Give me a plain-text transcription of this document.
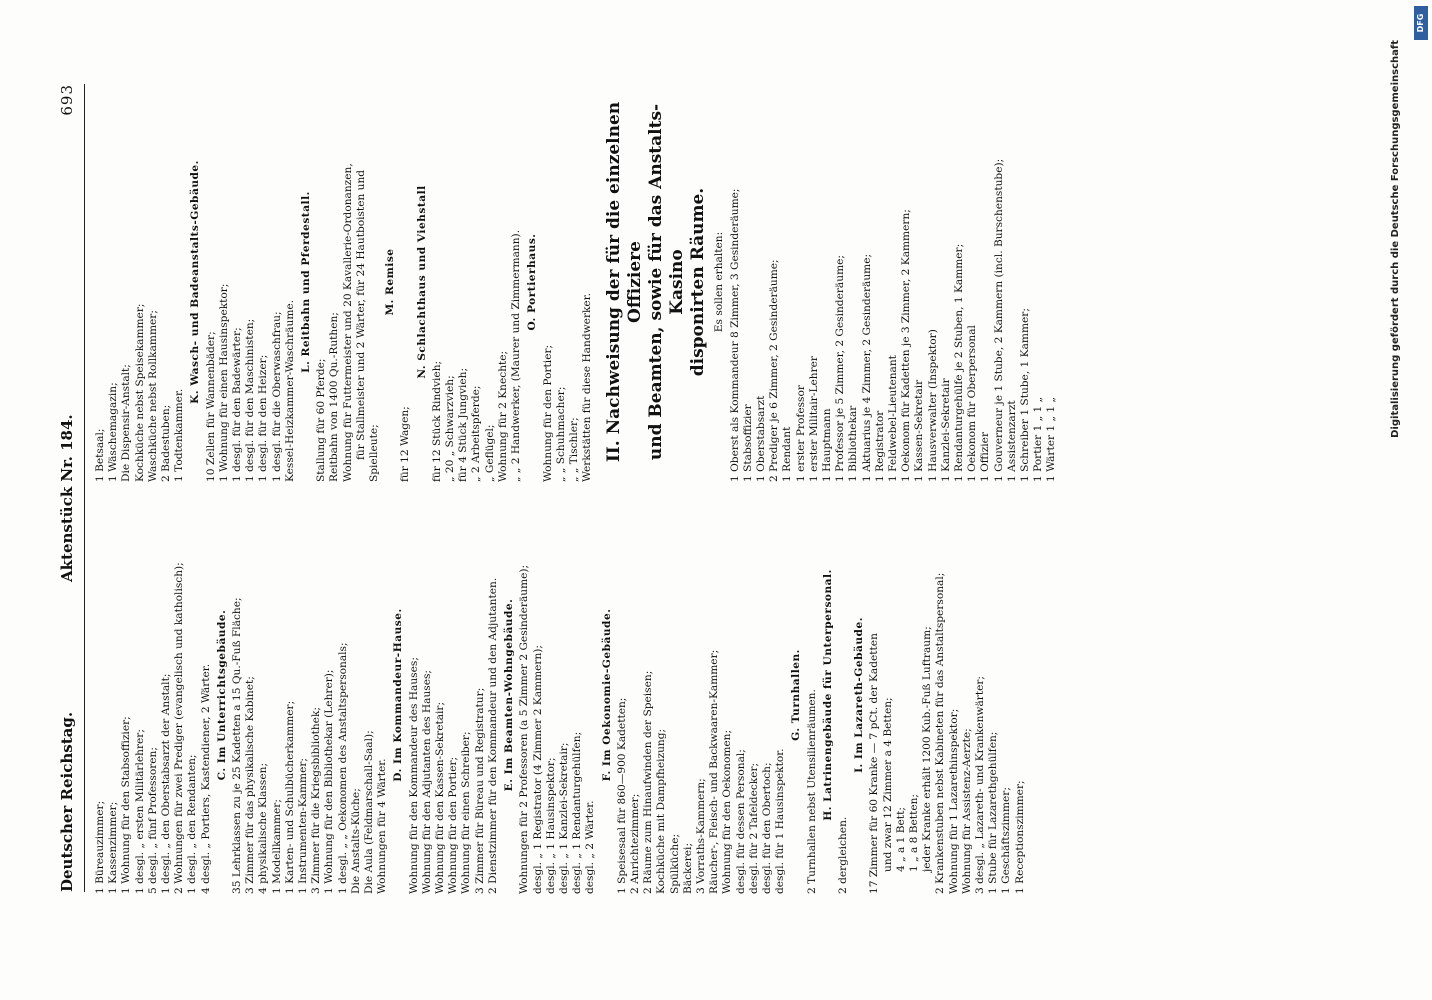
Deutscher Reichstag.
Aktenstück Nr. 184.
693
1 Büreauzimmer; 1 Kassenzimmer; 1 Wohnung für den Stabsoffizier; 1 desgl. „ ersten Militärlehrer; 5 desgl. „ fünf Professoren; 1 desgl. „ den Oberstabsarzt der Anstalt; 2 Wohnungen für zwei Prediger (evangelisch und katholisch); 1 desgl. „ den Rendanten; 4 desgl. „ Portiers, Kastendiener, 2 Wärter. C. Im Unterrichtsgebäude. 35 Lehrklassen zu je 25 Kadetten a 15 Qu.-Fuß Fläche; 3 Zimmer für das physikalische Kabinet; 4 physikalische Klassen; 1 Modellkammer; 1 Karten- und Schulbücherkammer; 1 Instrumenten-Kammer; 3 Zimmer für die Kriegsbibliothek; 1 Wohnung für den Bibliothekar (Lehrer); 1 desgl. „ „ Oekonomen des Anstaltspersonals; Die Anstalts-Küche; Die Aula (Feldmarschall-Saal); Wohnungen für 4 Wärter.
D. Im Kommandeur-Hause. Wohnung für den Kommandeur des Hauses; Wohnung für den Adjutanten des Hauses; Wohnung für den Kassen-Sekretair; Wohnung für den Portier; Wohnung für einen Schreiber; 3 Zimmer für Büreau und Registratur; 2 Dienstzimmer für den Kommandeur und den Adjutanten. E. Im Beamten-Wohngebäude. Wohnungen für 2 Professoren (a 5 Zimmer 2 Gesinderäume); desgl. „ 1 Registrator (4 Zimmer 2 Kammern); desgl. „ 1 Hausinspektor; desgl. „ 1 Kanzlei-Sekretair; desgl. „ 1 Rendanturgehülfen; desgl. „ 2 Wärter.
F. Im Oekonomie-Gebäude.
1 Speisesaal für 860—900 Kadetten; 2 Anrichtezimmer; 2 Räume zum Hinaufwinden der Speisen; Kochküche mit Dampfheizung; Spülküche; Bäckerei; 3 Vorraths-Kammern; Räucher-, Fleisch- und Backwaaren-Kammer; Wohnung für den Oekonomen; desgl. für dessen Personal; desgl. für 2 Tafeldecker; desgl. für den Obertoch; desgl. für 1 Hausinspektor.
G. Turnhallen. 2 Turnhallen nebst Utensilienräumen. H. Latrinengebäude für Unterpersonal.
2 dergleichen.
I. Im Lazareth-Gebäude. 17 Zimmer für 60 Kranke — 7 pCt. der Kadetten und zwar 12 Zimmer a 4 Betten; 4 „ a 1 Bett; 1 „ a 8 Betten; jeder Kranke erhält 1200 Kub.-Fuß Luftraum; 2 Krankenstuben nebst Kabineten für das Anstaltspersonal; Wohnung für 1 Lazarethinspektor; Wohnung für Assistenz-Aerzte; 3 desgl. „ Lazareth- und Krankenwärter; 1 Stube für Lazarethgehülfen; 1 Geschäftszimmer; 1 Receptionszimmer;
1 Betsaal; 1 Wäschemagazin; Die Dispensir-Anstalt; Kochküche nebst Speisekammer; Waschküche nebst Rollkammer; 2 Badestuben; 1 Todtenkammer.
K. Wasch- und Badeanstalts-Gebäude.
10 Zellen für Wannenbäder; 1 Wohnung für einen Hausinspektor; 1 desgl. für den Badewärter; 1 desgl. für den Maschinisten; 1 desgl. für den Heizer; 1 desgl. für die Oberwaschfrau; Kessel-Heizkammer-Waschräume.
L. Reitbahn und Pferdestall.
Stallung für 60 Pferde; Reitbahn von 1400 Qu.-Ruthen; Wohnung für Futtermeister und 20 Kavallerie-Ordonanzen, für Stallmeister und 2 Wärter, für 24 Hautboisten und Spielleute;
M. Remise
für 12 Wagen;
N. Schlachthaus und Viehstall
für 12 Stück Rindvieh; „ 20 „ Schwarzvieh; für 4 Stück Jungvieh; „ 2 Arbeitspferde; „ Geflügel; Wohnung für 2 Knechte; „ „ 2 Handwerker, (Maurer und Zimmermann). O. Portierhaus.
Wohnung für den Portier; „ „ Schuhmacher; „ „ Tischler; Werkstätten für diese Handwerker. II. Nachweisung der für die einzelnen Offiziere und Beamten, sowie für das Anstalts-Kasino disponirten Räume. Es sollen erhalten: 1 Oberst als Kommandeur 8 Zimmer, 3 Gesinderäume; 1 Stabsoffizier 1 Oberstabsarzt 2 Prediger je 6 Zimmer, 2 Gesinderäume; 1 Rendant 1 erster Professor 1 erster Militair-Lehrer 1 Hauptmann 1 Professor je 5 Zimmer, 2 Gesinderäume; 1 Bibliothekar 1 Aktuarius je 4 Zimmer, 2 Gesinderäume; 1 Registrator 1 Feldwebel-Lieutenant 1 Oekonom für Kadetten je 3 Zimmer, 2 Kammern; 1 Kassen-Sekretair 1 Hausverwalter (Inspektor) 1 Kanzlei-Sekretair 1 Rendanturgehülfe je 2 Stuben, 1 Kammer; 1 Oekonom für Oberpersonal 1 Offizier 1 Gouverneur je 1 Stube, 2 Kammern (incl. Burschenstube); 1 Assistenzarzt 1 Schreiber 1 Stube, 1 Kammer; 1 Portier 1 „ 1 „ 1 Wärter 1 „ 1 „
Digitalisierung gefördert durch die Deutsche Forschungsgemeinschaft
DFG
